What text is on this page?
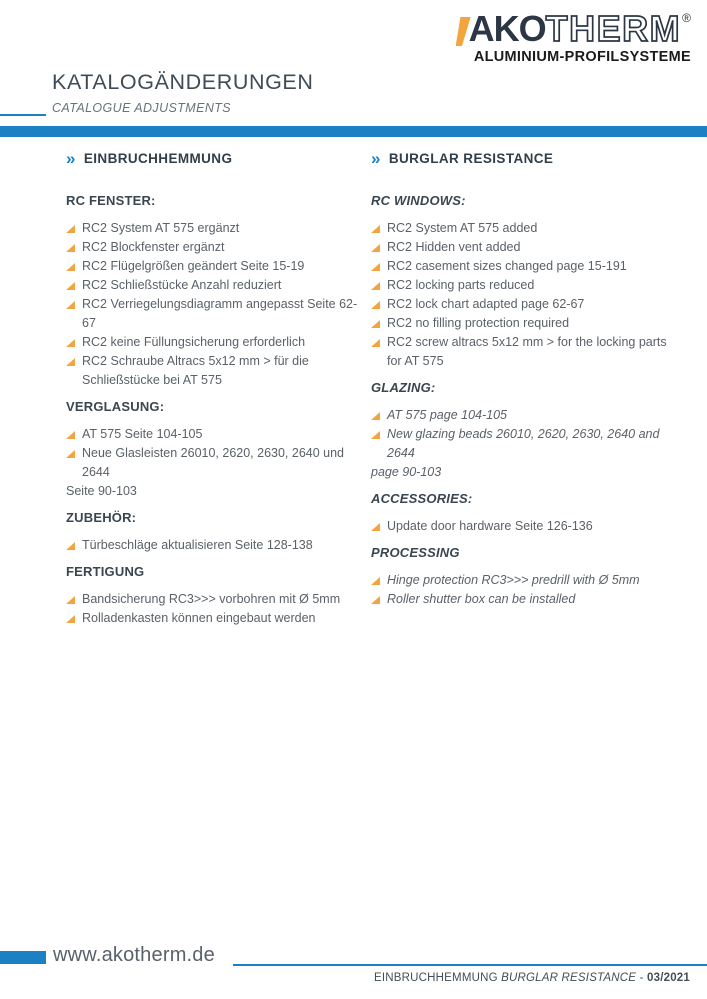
AKO THERM ®
ALUMINIUM-PROFILSYSTEME
KATALOGÄNDERUNGEN
CATALOGUE ADJUSTMENTS
» EINBRUCHHEMMUNG
RC FENSTER:
RC2 System AT 575 ergänzt
RC2 Blockfenster ergänzt
RC2 Flügelgrößen geändert Seite 15-19
RC2 Schließstücke Anzahl reduziert
RC2 Verriegelungsdiagramm angepasst Seite 62-67
RC2 keine Füllungsicherung erforderlich
RC2 Schraube Altracs 5x12 mm > für die
Schließstücke bei AT 575
VERGLASUNG:
AT 575 Seite 104-105
Neue Glasleisten 26010, 2620, 2630, 2640 und 2644
Seite 90-103
ZUBEHÖR:
Türbeschläge aktualisieren Seite 128-138
FERTIGUNG
Bandsicherung RC3>>> vorbohren mit Ø 5mm
Rolladenkasten können eingebaut werden
» BURGLAR RESISTANCE
RC WINDOWS:
RC2 System AT 575 added
RC2 Hidden vent added
RC2 casement sizes changed page 15-191
RC2 locking parts reduced
RC2 lock chart adapted page 62-67
RC2 no filling protection required
RC2 screw altracs 5x12 mm > for the locking parts
for AT 575
GLAZING:
AT 575 page 104-105
New glazing beads 26010, 2620, 2630, 2640 and 2644
page 90-103
ACCESSORIES:
Update door hardware Seite 126-136
PROCESSING
Hinge protection RC3>>> predrill with Ø 5mm
Roller shutter box can be installed
www.akotherm.de
EINBRUCHHEMMUNG BURGLAR RESISTANCE - 03/2021
